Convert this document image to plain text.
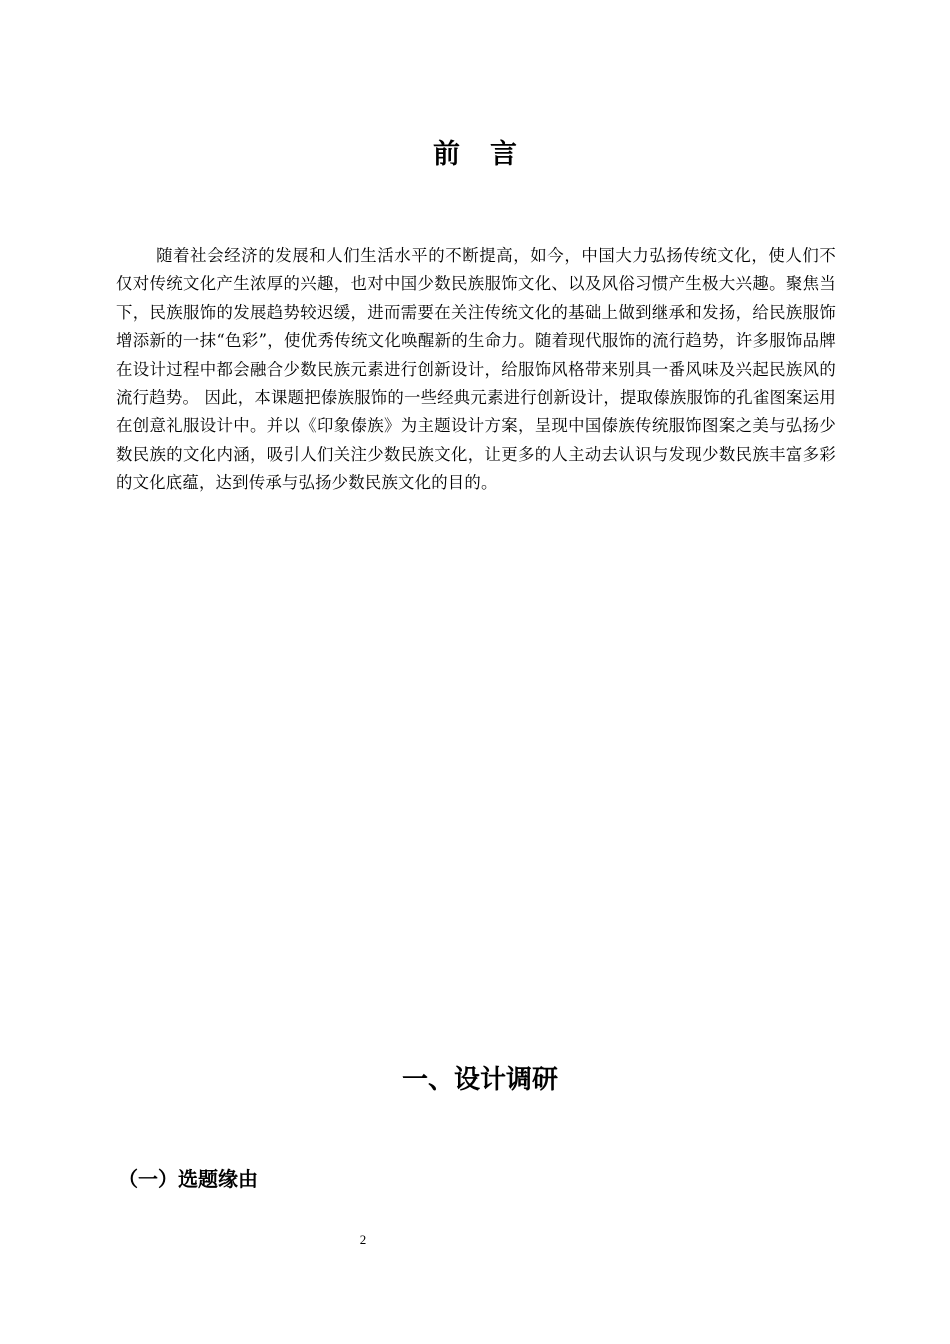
前言

随着社会经济的发展和人们生活水平的不断提高，如今，中国大力弘扬传统文化，使人们不仅对传统文化产生浓厚的兴趣，也对中国少数民族服饰文化、以及风俗习惯产生极大兴趣。聚焦当下，民族服饰的发展趋势较迟缓，进而需要在关注传统文化的基础上做到继承和发扬，给民族服饰增添新的一抹“色彩”，使优秀传统文化唤醒新的生命力。随着现代服饰的流行趋势，许多服饰品牌在设计过程中都会融合少数民族元素进行创新设计，给服饰风格带来别具一番风味及兴起民族风的流行趋势。 因此，本课题把傣族服饰的一些经典元素进行创新设计，提取傣族服饰的孔雀图案运用在创意礼服设计中。并以《印象傣族》为主题设计方案，呈现中国傣族传统服饰图案之美与弘扬少数民族的文化内涵，吸引人们关注少数民族文化，让更多的人主动去认识与发现少数民族丰富多彩的文化底蕴，达到传承与弘扬少数民族文化的目的。

一、设计调研
（一）选题缘由
2
